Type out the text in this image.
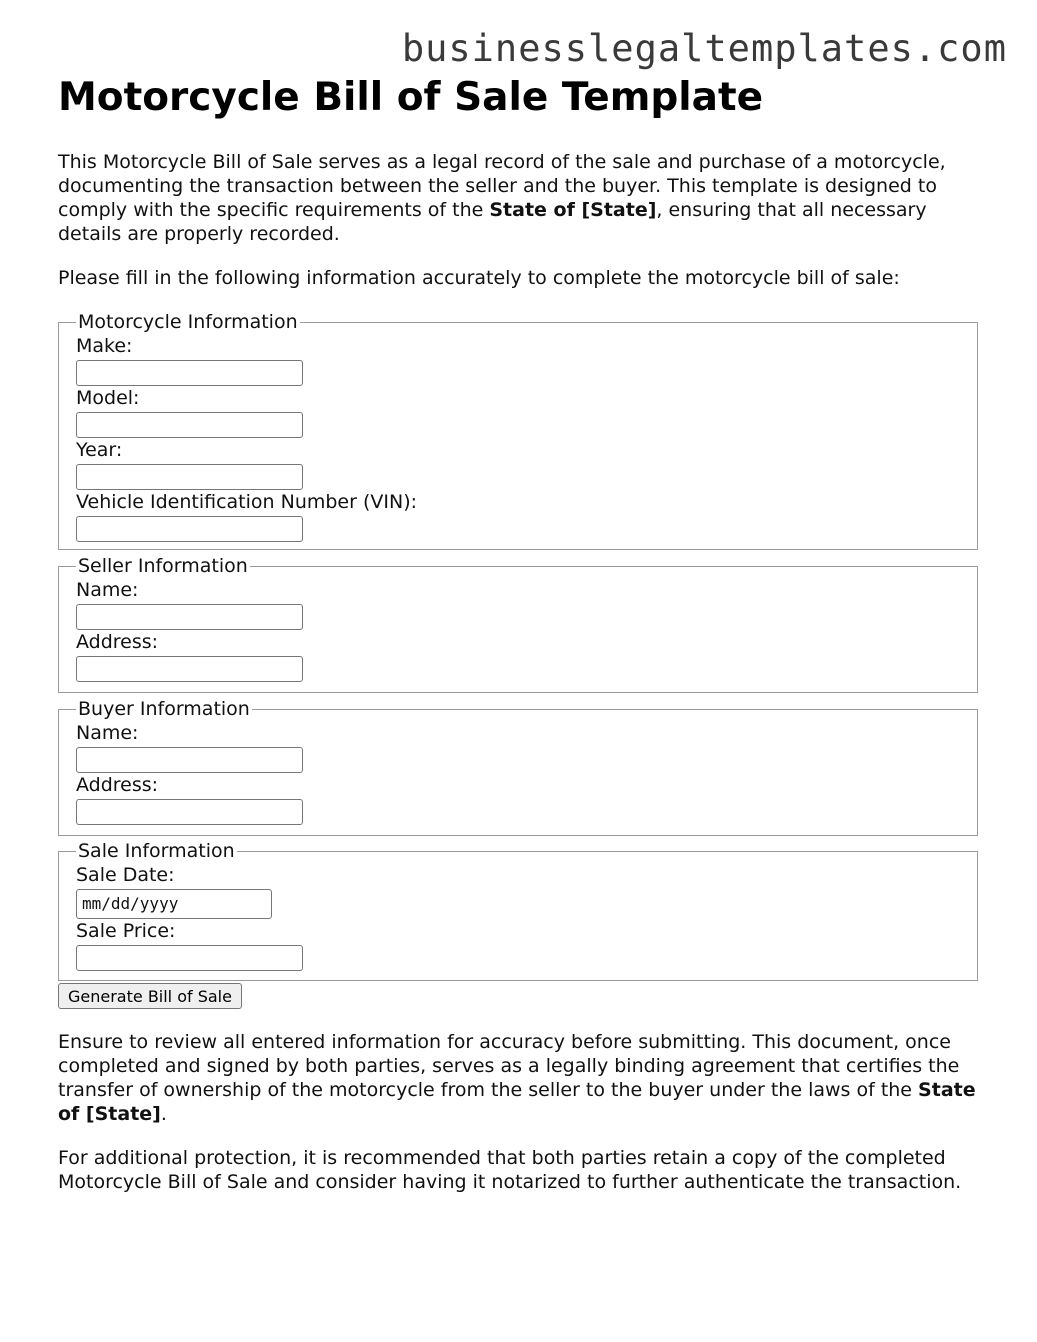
businesslegaltemplates.com
Motorcycle Bill of Sale Template

This Motorcycle Bill of Sale serves as a legal record of the sale and purchase of a motorcycle, documenting the transaction between the seller and the buyer. This template is designed to comply with the specific requirements of the State of [State], ensuring that all necessary details are properly recorded.

Please fill in the following information accurately to complete the motorcycle bill of sale:

Motorcycle Information
Make:
Model:
Year:
Vehicle Identification Number (VIN):
Seller Information
Name:
Address:
Buyer Information
Name:
Address:
Sale Information
Sale Date:
mm/dd/yyyy
Sale Price:
Generate Bill of Sale

Ensure to review all entered information for accuracy before submitting. This document, once completed and signed by both parties, serves as a legally binding agreement that certifies the transfer of ownership of the motorcycle from the seller to the buyer under the laws of the State of [State].

For additional protection, it is recommended that both parties retain a copy of the completed Motorcycle Bill of Sale and consider having it notarized to further authenticate the transaction.
